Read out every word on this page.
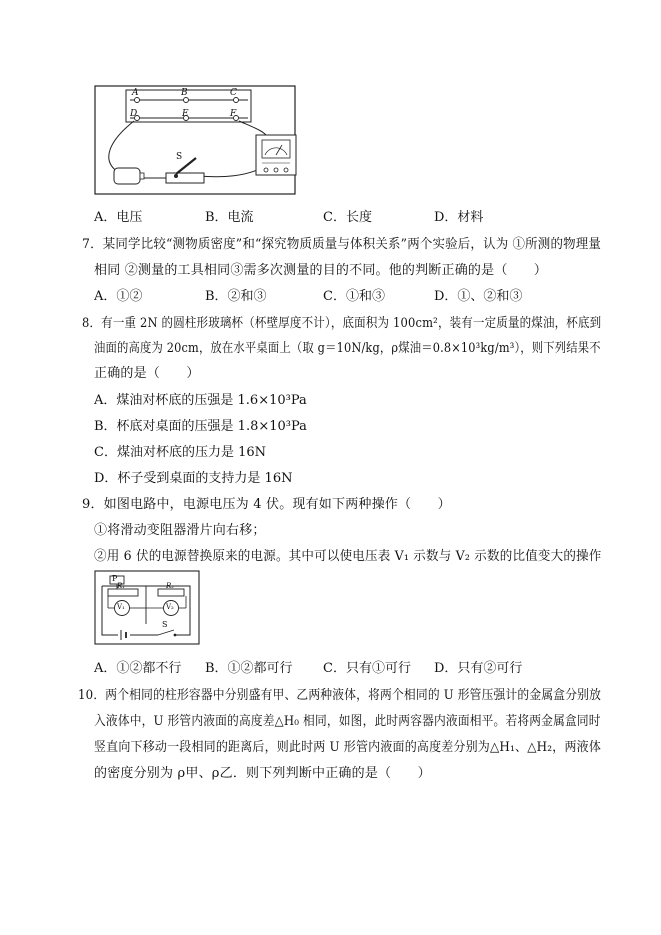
A	B	C
D	E	F
S
A．电压	B．电流	C．长度	D．材料
7．某同学比较“测物质密度”和“探究物质质量与体积关系”两个实验后，认为 ①所测的物理量
相同 ②测量的工具相同③需多次测量的目的不同。他的判断正确的是（　　）
A．①②	B．②和③	C．①和③	D．①、②和③
8．有一重 2N 的圆柱形玻璃杯（杯壁厚度不计），底面积为 100cm²，装有一定质量的煤油，杯底到
油面的高度为 20cm，放在水平桌面上（取 g＝10N/kg，ρ煤油＝0.8×10³kg/m³），则下列结果不
正确的是（　　）
A．煤油对杯底的压强是 1.6×10³Pa
B．杯底对桌面的压强是 1.8×10³Pa
C．煤油对杯底的压力是 16N
D．杯子受到桌面的支持力是 16N
9．如图电路中，电源电压为 4 伏。现有如下两种操作（　　）
①将滑动变阻器滑片向右移；
②用 6 伏的电源替换原来的电源。其中可以使电压表 V₁ 示数与 V₂ 示数的比值变大的操作
P
R₁	R₂
V₁	V₂
S
A．①②都不行 B．①②都可行 C．只有①可行 D．只有②可行
10．两个相同的柱形容器中分别盛有甲、乙两种液体，将两个相同的 U 形管压强计的金属盒分别放
入液体中，U 形管内液面的高度差△H₀ 相同，如图，此时两容器内液面相平。若将两金属盒同时
竖直向下移动一段相同的距离后，则此时两 U 形管内液面的高度差分别为△H₁、△H₂，两液体
的密度分别为 ρ甲、ρ乙．则下列判断中正确的是（　　）
